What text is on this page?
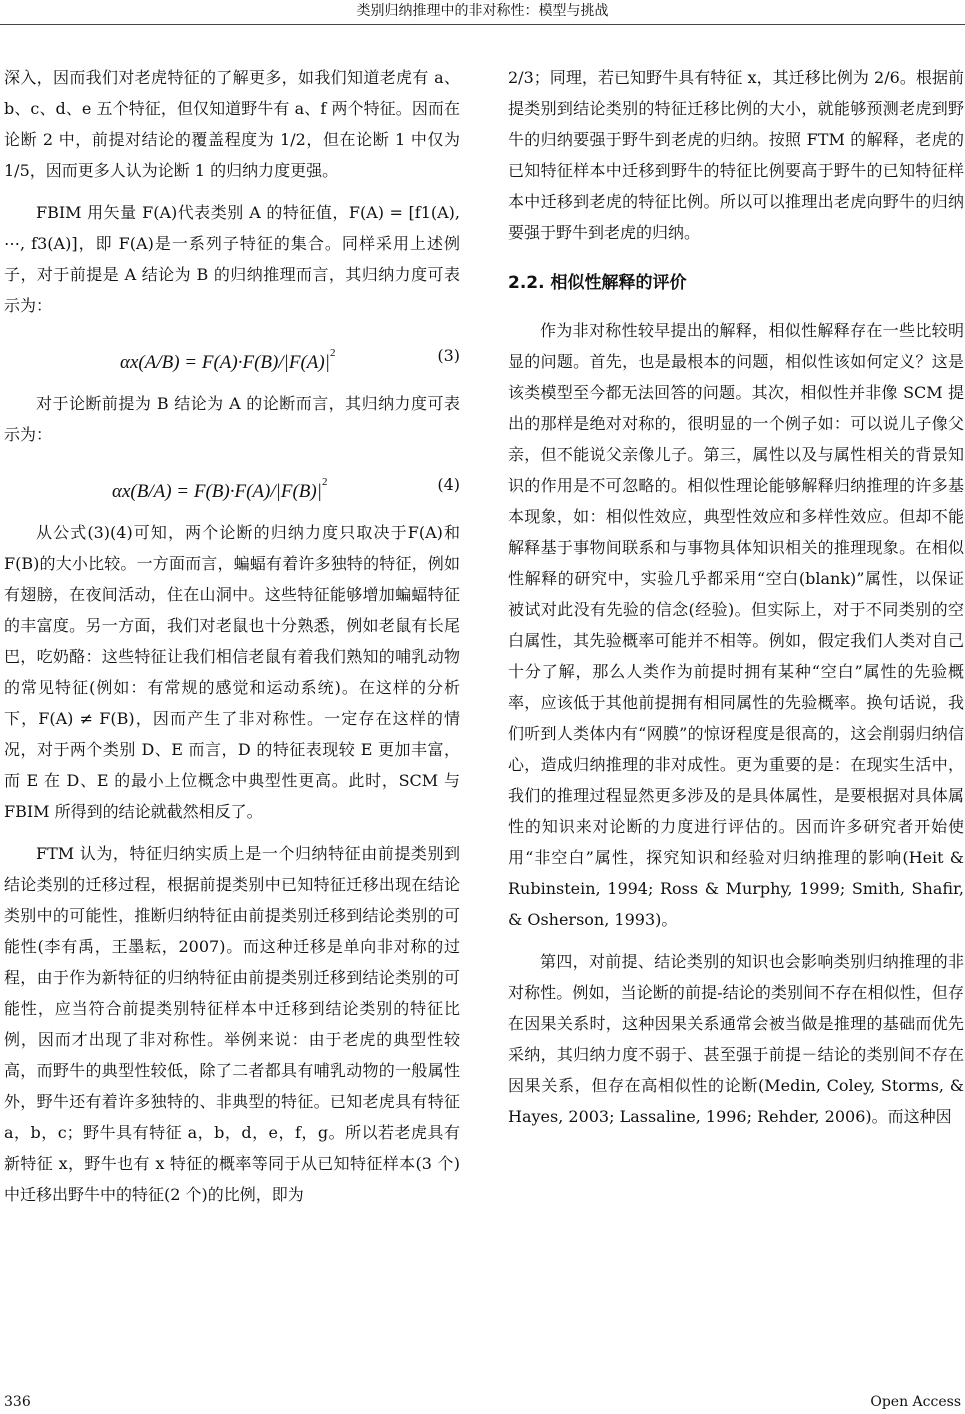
类别归纳推理中的非对称性：模型与挑战

深入，因而我们对老虎特征的了解更多，如我们知道老虎有 a、b、c、d、e 五个特征，但仅知道野牛有 a、f 两个特征。因而在论断 2 中，前提对结论的覆盖程度为 1/2，但在论断 1 中仅为 1/5，因而更多人认为论断 1 的归纳力度更强。

FBIM 用矢量 F(A)代表类别 A 的特征值，F(A) = [f1(A), ⋯, f3(A)]，即 F(A)是一系列子特征的集合。同样采用上述例子，对于前提是 A 结论为 B 的归纳推理而言，其归纳力度可表示为：

$\alpha x(A/B) = F(A)\cdot F(B)/|F(A)|^2$	(3)

对于论断前提为 B 结论为 A 的论断而言，其归纳力度可表示为：

$\alpha x(B/A) = F(B)\cdot F(A)/|F(B)|^2$	(4)

从公式(3)(4)可知，两个论断的归纳力度只取决于F(A)和 F(B)的大小比较。一方面而言，蝙蝠有着许多独特的特征，例如有翅膀，在夜间活动，住在山洞中。这些特征能够增加蝙蝠特征的丰富度。另一方面，我们对老鼠也十分熟悉，例如老鼠有长尾巴，吃奶酪：这些特征让我们相信老鼠有着我们熟知的哺乳动物的常见特征(例如：有常规的感觉和运动系统)。在这样的分析下，F(A) ≠ F(B)，因而产生了非对称性。一定存在这样的情况，对于两个类别 D、E 而言，D 的特征表现较 E 更加丰富，而 E 在 D、E 的最小上位概念中典型性更高。此时，SCM 与 FBIM 所得到的结论就截然相反了。

FTM 认为，特征归纳实质上是一个归纳特征由前提类别到结论类别的迁移过程，根据前提类别中已知特征迁移出现在结论类别中的可能性，推断归纳特征由前提类别迁移到结论类别的可能性(李有禹，王墨耘，2007)。而这种迁移是单向非对称的过程，由于作为新特征的归纳特征由前提类别迁移到结论类别的可能性，应当符合前提类别特征样本中迁移到结论类别的特征比例，因而才出现了非对称性。举例来说：由于老虎的典型性较高，而野牛的典型性较低，除了二者都具有哺乳动物的一般属性外，野牛还有着许多独特的、非典型的特征。已知老虎具有特征 a，b，c；野牛具有特征 a，b，d，e，f，g。所以若老虎具有新特征 x，野牛也有 x 特征的概率等同于从已知特征样本(3 个)中迁移出野牛中的特征(2 个)的比例，即为

2/3；同理，若已知野牛具有特征 x，其迁移比例为 2/6。根据前提类别到结论类别的特征迁移比例的大小，就能够预测老虎到野牛的归纳要强于野牛到老虎的归纳。按照 FTM 的解释，老虎的已知特征样本中迁移到野牛的特征比例要高于野牛的已知特征样本中迁移到老虎的特征比例。所以可以推理出老虎向野牛的归纳要强于野牛到老虎的归纳。

2.2. 相似性解释的评价

作为非对称性较早提出的解释，相似性解释存在一些比较明显的问题。首先，也是最根本的问题，相似性该如何定义？这是该类模型至今都无法回答的问题。其次，相似性并非像 SCM 提出的那样是绝对对称的，很明显的一个例子如：可以说儿子像父亲，但不能说父亲像儿子。第三，属性以及与属性相关的背景知识的作用是不可忽略的。相似性理论能够解释归纳推理的许多基本现象，如：相似性效应，典型性效应和多样性效应。但却不能解释基于事物间联系和与事物具体知识相关的推理现象。在相似性解释的研究中，实验几乎都采用“空白(blank)”属性，以保证被试对此没有先验的信念(经验)。但实际上，对于不同类别的空白属性，其先验概率可能并不相等。例如，假定我们人类对自己十分了解，那么人类作为前提时拥有某种“空白”属性的先验概率，应该低于其他前提拥有相同属性的先验概率。换句话说，我们听到人类体内有“网膜”的惊讶程度是很高的，这会削弱归纳信心，造成归纳推理的非对成性。更为重要的是：在现实生活中，我们的推理过程显然更多涉及的是具体属性，是要根据对具体属性的知识来对论断的力度进行评估的。因而许多研究者开始使用“非空白”属性，探究知识和经验对归纳推理的影响(Heit & Rubinstein, 1994; Ross & Murphy, 1999; Smith, Shafir, & Osherson, 1993)。

第四，对前提、结论类别的知识也会影响类别归纳推理的非对称性。例如，当论断的前提-结论的类别间不存在相似性，但存在因果关系时，这种因果关系通常会被当做是推理的基础而优先采纳，其归纳力度不弱于、甚至强于前提－结论的类别间不存在因果关系，但存在高相似性的论断(Medin, Coley, Storms, & Hayes, 2003; Lassaline, 1996; Rehder, 2006)。而这种因

336	Open Access
